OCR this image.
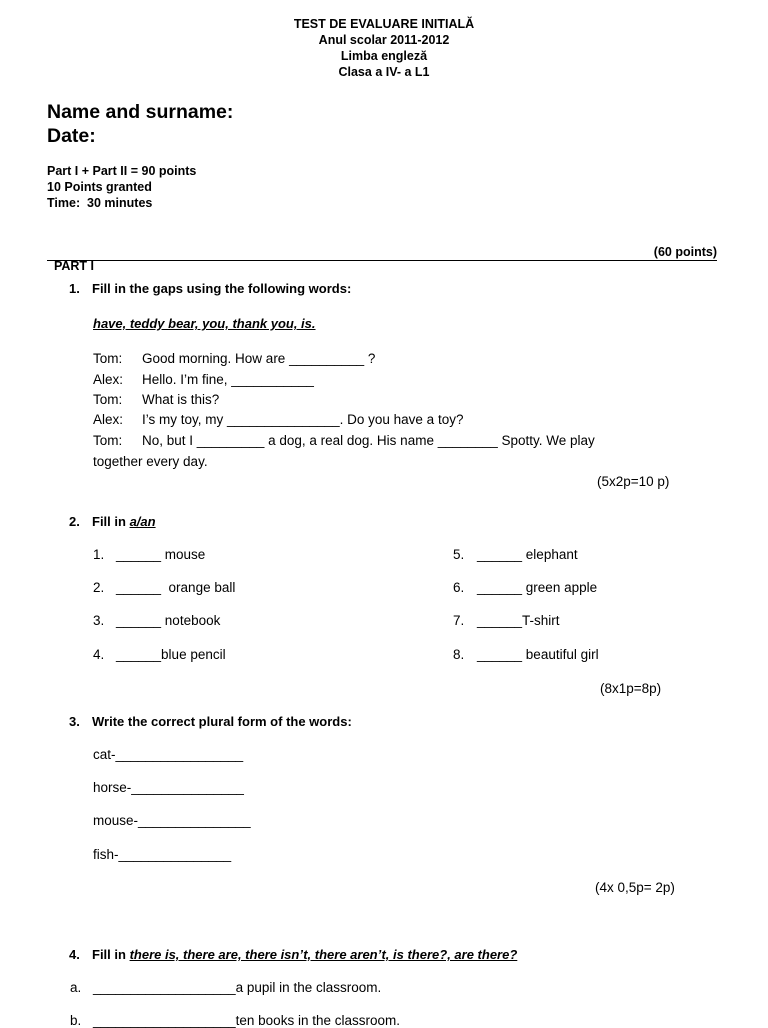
TEST DE EVALUARE INITIALĂ
Anul scolar 2011-2012
Limba engleză
Clasa a IV- a L1
Name and surname:
Date:
Part I + Part II = 90 points
10 Points granted
Time:  30 minutes

PART I

(60 points)

1. Fill in the gaps using the following words:
have, teddy bear, you, thank you, is.
Tom: Good morning. How are __________ ?
Alex: Hello. I’m fine, ___________
Tom: What is this?
Alex: I’s my toy, my _______________. Do you have a toy?
Tom: No, but I _________ a dog, a real dog. His name ________ Spotty. We play
together every day.
(5x2p=10 p)
2. Fill in a/an
1. ______ mouse
2. ______  orange ball
3. ______ notebook
4. ______blue pencil
5. ______ elephant
6. ______ green apple
7. ______T-shirt
8. ______ beautiful girl
(8x1p=8p)
3. Write the correct plural form of the words:
cat-_________________
horse-_______________
mouse-_______________
fish-_______________
(4x 0,5p= 2p)
4. Fill in there is, there are, there isn’t, there aren’t, is there?, are there?
a. ___________________a pupil in the classroom.
b. ___________________ten books in the classroom.
